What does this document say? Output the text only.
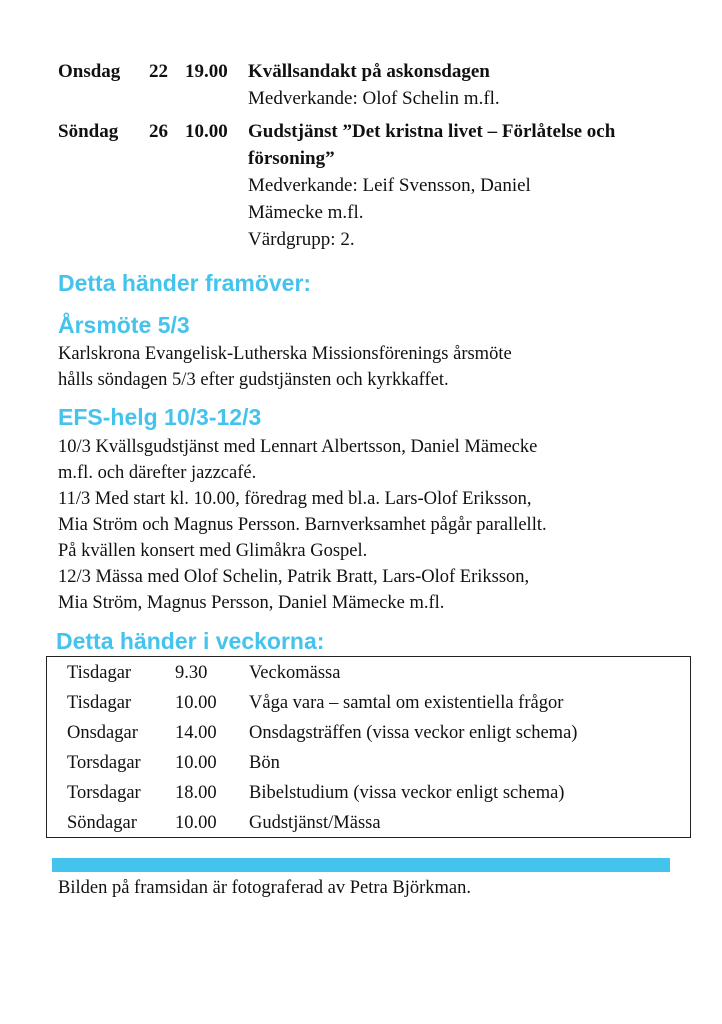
Onsdag 22 19.00 Kvällsandakt på askonsdagen
Medverkande: Olof Schelin m.fl.
Söndag 26 10.00 Gudstjänst ”Det kristna livet – Förlåtelse och
försoning”
Medverkande: Leif Svensson, Daniel
Mämecke m.fl.
Värdgrupp: 2.
Detta händer framöver:
Årsmöte 5/3

Karlskrona Evangelisk-Lutherska Missionsförenings årsmöte

hålls söndagen 5/3 efter gudstjänsten och kyrkkaffet.

EFS-helg 10/3-12/3

10/3 Kvällsgudstjänst med Lennart Albertsson, Daniel Mämecke

m.fl. och därefter jazzcafé.

11/3 Med start kl. 10.00, föredrag med bl.a. Lars-Olof Eriksson,

Mia Ström och Magnus Persson. Barnverksamhet pågår parallellt.

På kvällen konsert med Glimåkra Gospel.

12/3 Mässa med Olof Schelin, Patrik Bratt, Lars-Olof Eriksson,

Mia Ström, Magnus Persson, Daniel Mämecke m.fl.

Detta händer i veckorna:
Tisdagar 9.30 Veckomässa
Tisdagar 10.00 Våga vara – samtal om existentiella frågor
Onsdagar 14.00 Onsdagsträffen (vissa veckor enligt schema)
Torsdagar 10.00 Bön
Torsdagar 18.00 Bibelstudium (vissa veckor enligt schema)
Söndagar 10.00 Gudstjänst/Mässa
Bilden på framsidan är fotograferad av Petra Björkman.
